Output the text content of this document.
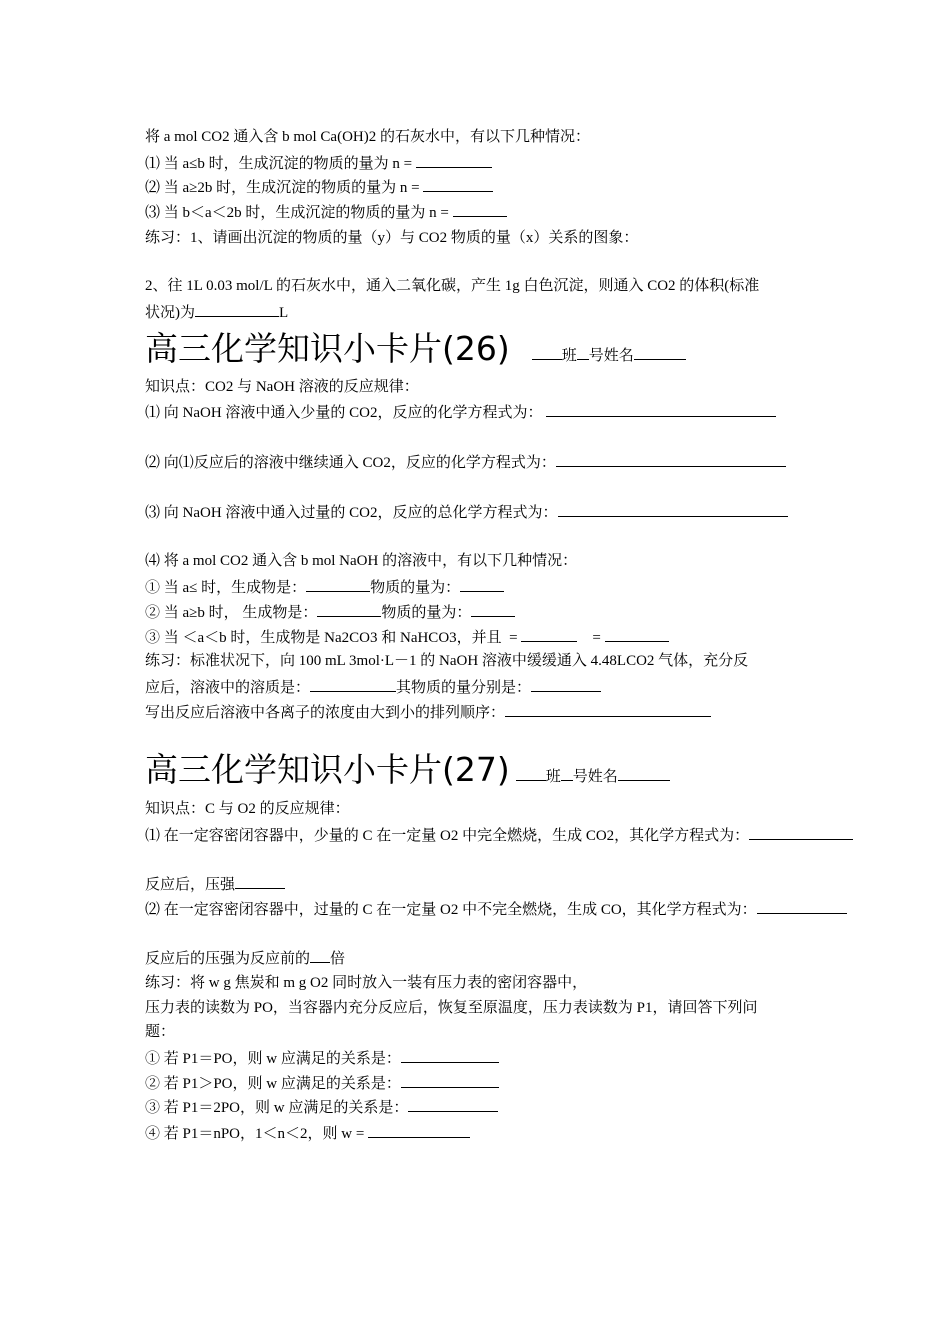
将 a mol CO2 通入含 b mol Ca(OH)2 的石灰水中，有以下几种情况：
⑴ 当 a≤b 时，生成沉淀的物质的量为 n =
⑵ 当 a≥2b 时，生成沉淀的物质的量为 n =
⑶ 当 b＜a＜2b 时，生成沉淀的物质的量为 n =
练习：1、请画出沉淀的物质的量（y）与 CO2 物质的量（x）关系的图象：
2、往 1L 0.03 mol/L 的石灰水中，通入二氧化碳，产生 1g 白色沉淀，则通入 CO2 的体积(标准
状况)为	L
高三化学知识小卡片(26)	班 号姓名
知识点：CO2 与 NaOH 溶液的反应规律：
⑴ 向 NaOH 溶液中通入少量的 CO2，反应的化学方程式为：
⑵ 向⑴反应后的溶液中继续通入 CO2，反应的化学方程式为：
⑶ 向 NaOH 溶液中通入过量的 CO2，反应的总化学方程式为：
⑷ 将 a mol CO2 通入含 b mol NaOH 的溶液中，有以下几种情况：
① 当 a≤ 时，生成物是：	物质的量为：
② 当 a≥b 时， 生成物是：	物质的量为：
③ 当 ＜a＜b 时，生成物是 Na2CO3 和 NaHCO3，并且 =	=
练习：标准状况下，向 100 mL 3mol·L－1 的 NaOH 溶液中缓缓通入 4.48LCO2 气体，充分反
应后，溶液中的溶质是：	其物质的量分别是：
写出反应后溶液中各离子的浓度由大到小的排列顺序：
高三化学知识小卡片(27) 班 号姓名
知识点：C 与 O2 的反应规律：
⑴ 在一定容密闭容器中，少量的 C 在一定量 O2 中完全燃烧，生成 CO2，其化学方程式为：
反应后，压强
⑵ 在一定容密闭容器中，过量的 C 在一定量 O2 中不完全燃烧，生成 CO，其化学方程式为：
反应后的压强为反应前的 倍
练习：将 w g 焦炭和 m g O2 同时放入一装有压力表的密闭容器中，
压力表的读数为 PO，当容器内充分反应后，恢复至原温度，压力表读数为 P1，请回答下列问
题：
① 若 P1＝PO，则 w 应满足的关系是：
② 若 P1＞PO，则 w 应满足的关系是：
③ 若 P1＝2PO，则 w 应满足的关系是：
④ 若 P1＝nPO，1＜n＜2，则 w =
